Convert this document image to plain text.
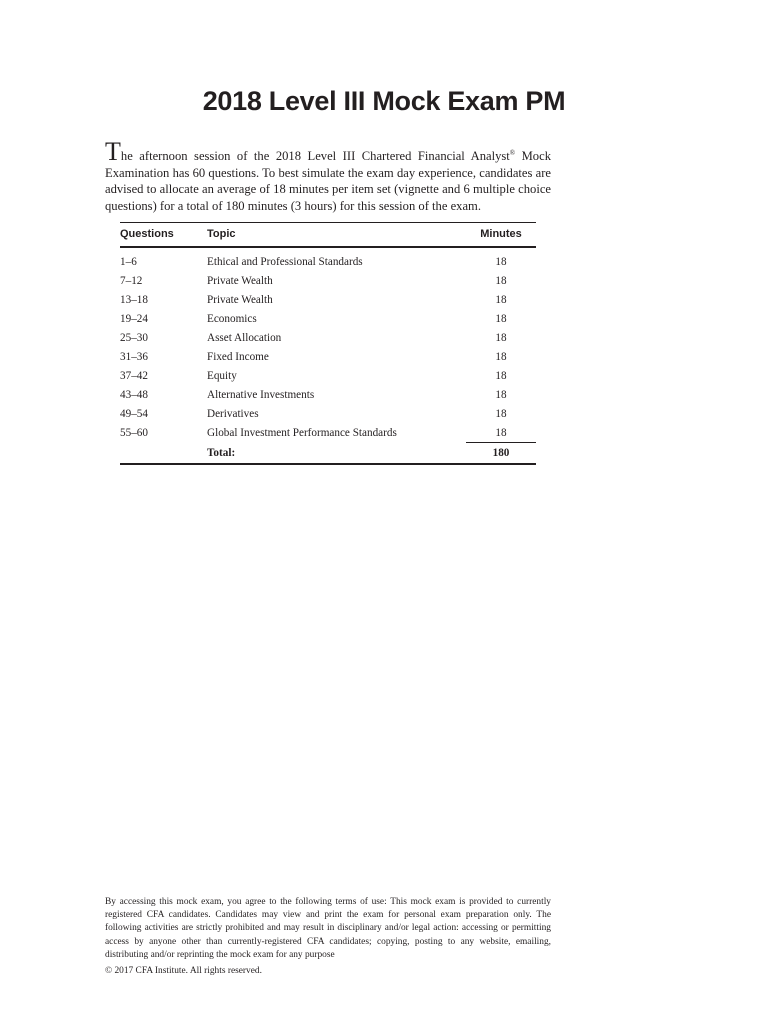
2018 Level III Mock Exam PM

The afternoon session of the 2018 Level III Chartered Financial Analyst® Mock Examination has 60 questions. To best simulate the exam day experience, candidates are advised to allocate an average of 18 minutes per item set (vignette and 6 multiple choice questions) for a total of 180 minutes (3 hours) for this session of the exam.

Questions	Topic	Minutes
1–6	Ethical and Professional Standards	18
7–12	Private Wealth	18
13–18	Private Wealth	18
19–24	Economics	18
25–30	Asset Allocation	18
31–36	Fixed Income	18
37–42	Equity	18
43–48	Alternative Investments	18
49–54	Derivatives	18
55–60	Global Investment Performance Standards	18
	Total:	180

By accessing this mock exam, you agree to the following terms of use: This mock exam is provided to currently registered CFA candidates. Candidates may view and print the exam for personal exam preparation only. The following activities are strictly prohibited and may result in disciplinary and/or legal action: accessing or permitting access by anyone other than currently-registered CFA candidates; copying, posting to any website, emailing, distributing and/or reprinting the mock exam for any purpose

© 2017 CFA Institute. All rights reserved.
